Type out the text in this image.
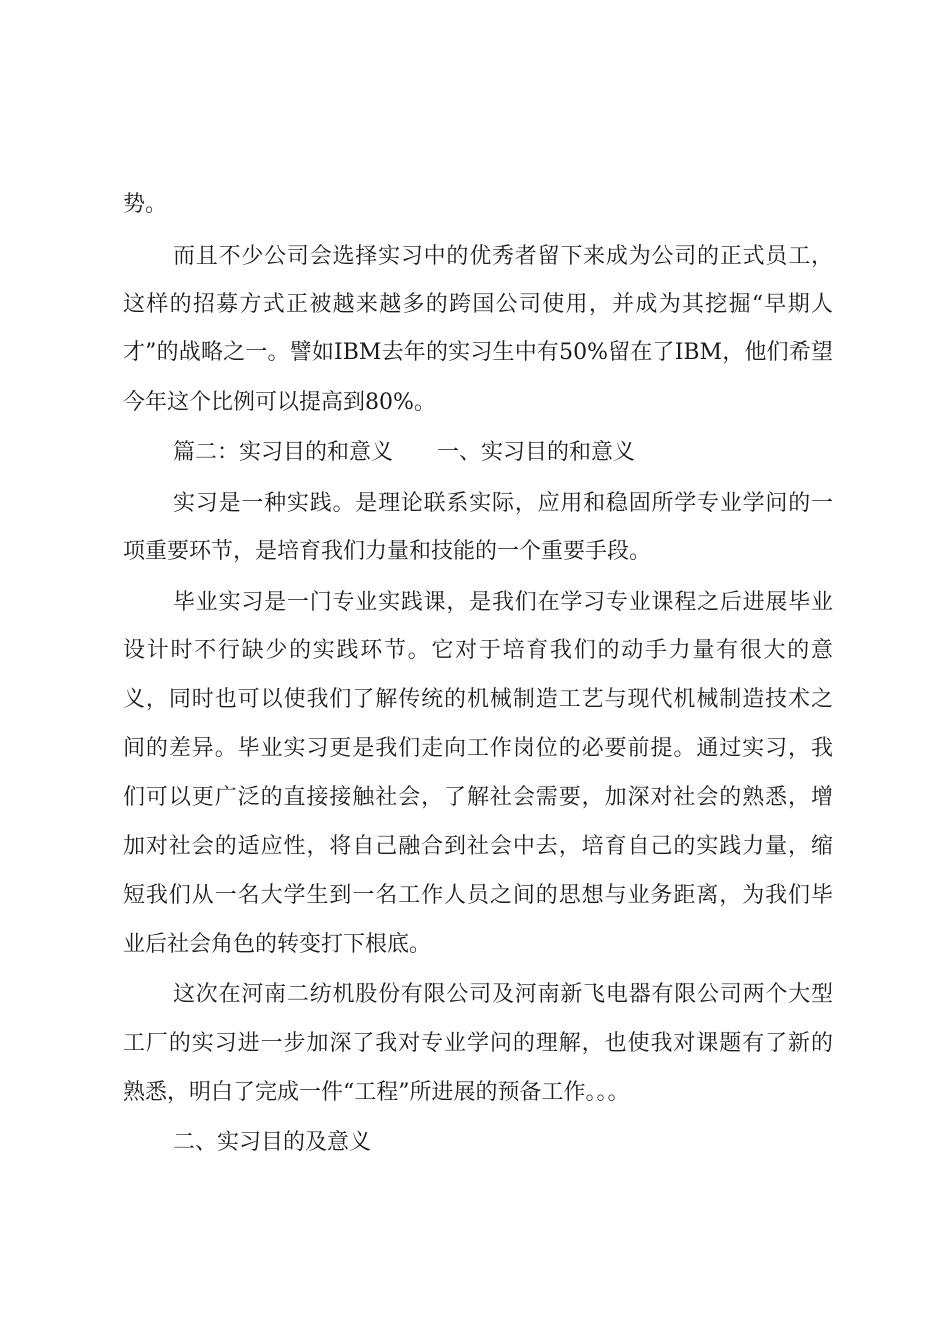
势。
而且不少公司会选择实习中的优秀者留下来成为公司的正式员工，
这样的招募方式正被越来越多的跨国公司使用，并成为其挖掘“早期人
才”的战略之一。譬如IBM去年的实习生中有50%留在了IBM，他们希望
今年这个比例可以提高到80%。
篇二：实习目的和意义　　一、实习目的和意义
实习是一种实践。是理论联系实际，应用和稳固所学专业学问的一
项重要环节，是培育我们力量和技能的一个重要手段。
毕业实习是一门专业实践课，是我们在学习专业课程之后进展毕业
设计时不行缺少的实践环节。它对于培育我们的动手力量有很大的意
义，同时也可以使我们了解传统的机械制造工艺与现代机械制造技术之
间的差异。毕业实习更是我们走向工作岗位的必要前提。通过实习，我
们可以更广泛的直接接触社会，了解社会需要，加深对社会的熟悉，增
加对社会的适应性，将自己融合到社会中去，培育自己的实践力量，缩
短我们从一名大学生到一名工作人员之间的思想与业务距离，为我们毕
业后社会角色的转变打下根底。
这次在河南二纺机股份有限公司及河南新飞电器有限公司两个大型
工厂的实习进一步加深了我对专业学问的理解，也使我对课题有了新的
熟悉，明白了完成一件“工程”所进展的预备工作。。。
二、实习目的及意义
